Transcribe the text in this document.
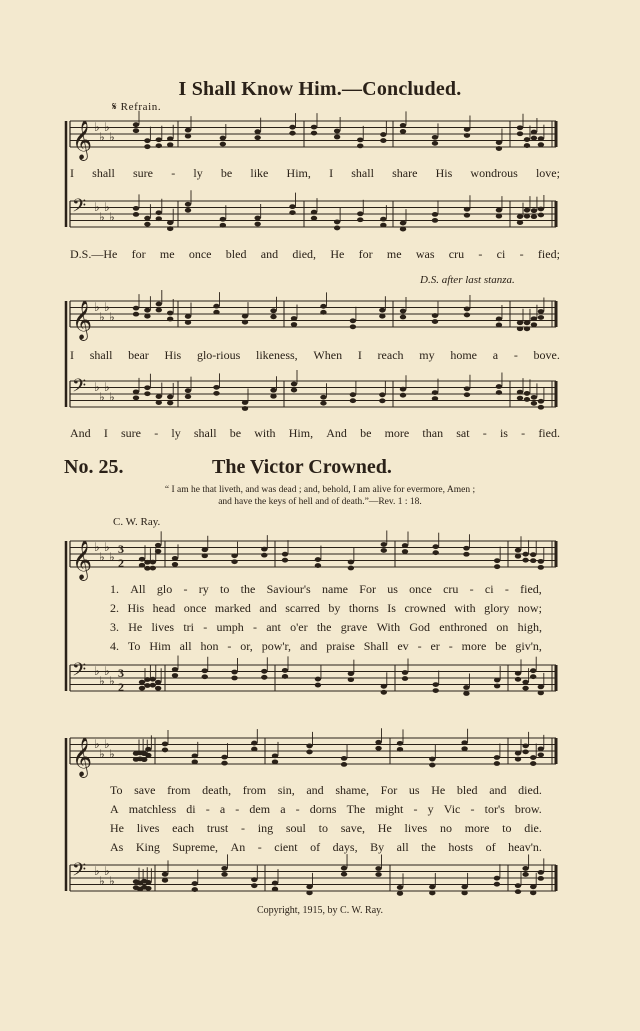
I Shall Know Him.—Concluded.
𝄋 Refrain.
𝄞 ♭
♭
♭
♭
𝄢 ♭
♭
♭
♭
𝄞 ♭
♭
♭
♭
𝄢 ♭
♭
♭
♭
𝄞 ♭
♭
♭
♭
3
2
𝄢 ♭
♭
♭
♭
3
2
𝄞 ♭
♭
♭
♭
𝄢 ♭
♭
♭
♭
I shall sure - ly be like Him, I shall share His wondrous love;
D.S.—He for me once bled and died, He for me was cru - ci - fied;
D.S. after last stanza.
I shall bear His glo-rious likeness, When I reach my home a - bove.
And I sure - ly shall be with Him, And be more than sat - is - fied.
No. 25.	The Victor Crowned.
“ I am he that liveth, and was dead ; and, behold, I am alive for evermore, Amen ;
and have the keys of hell and of death.”—Rev. 1 : 18.
C. W. Ray.
1. All glo - ry to the Saviour's name For us once cru - ci - fied,
2. His head once marked and scarred by thorns Is crowned with glory now;
3. He lives tri - umph - ant o'er the grave With God enthroned on high,
4. To Him all hon - or, pow'r, and praise Shall ev - er - more be giv'n,
To save from death, from sin, and shame, For us He bled and died.
A matchless di - a - dem a - dorns The might - y Vic - tor's brow.
He lives each trust - ing soul to save, He lives no more to die.
As King Supreme, An - cient of days, By all the hosts of heav'n.
Copyright, 1915, by C. W. Ray.
